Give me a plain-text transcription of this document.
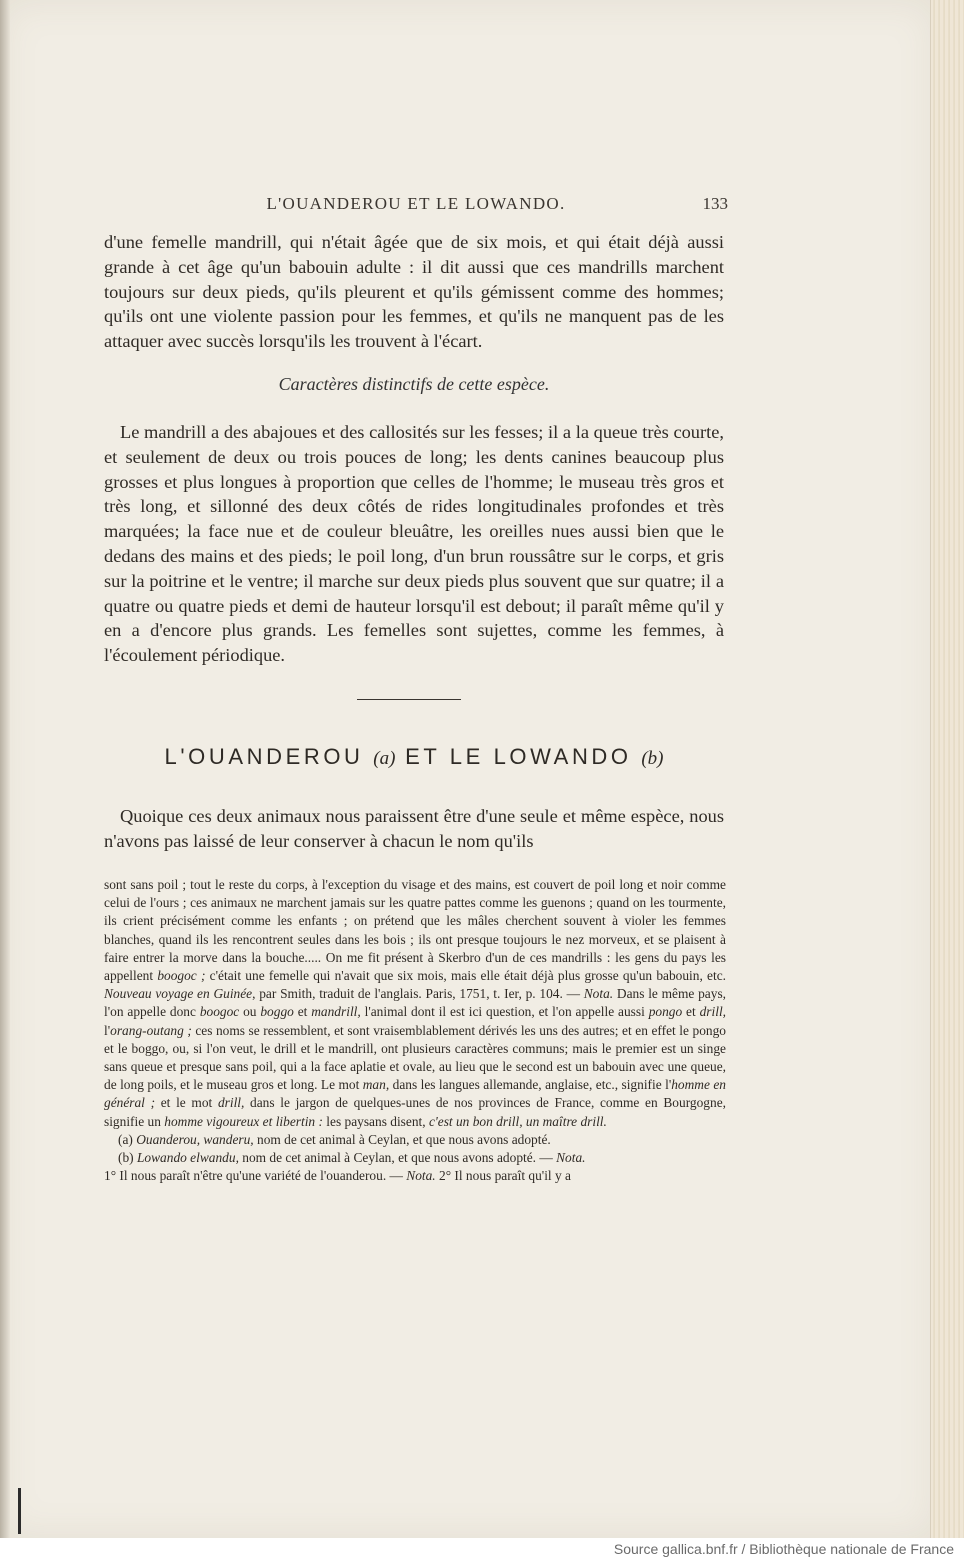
L'OUANDEROU ET LE LOWANDO.	133
d'une femelle mandrill, qui n'était âgée que de six mois, et qui était déjà aussi grande à cet âge qu'un babouin adulte : il dit aussi que ces mandrills marchent toujours sur deux pieds, qu'ils pleurent et qu'ils gémissent comme des hommes; qu'ils ont une violente passion pour les femmes, et qu'ils ne manquent pas de les attaquer avec succès lorsqu'ils les trouvent à l'écart.
Caractères distinctifs de cette espèce.
Le mandrill a des abajoues et des callosités sur les fesses; il a la queue très courte, et seulement de deux ou trois pouces de long; les dents canines beaucoup plus grosses et plus longues à proportion que celles de l'homme; le museau très gros et très long, et sillonné des deux côtés de rides longitudinales profondes et très marquées; la face nue et de couleur bleuâtre, les oreilles nues aussi bien que le dedans des mains et des pieds; le poil long, d'un brun roussâtre sur le corps, et gris sur la poitrine et le ventre; il marche sur deux pieds plus souvent que sur quatre; il a quatre ou quatre pieds et demi de hauteur lorsqu'il est debout; il paraît même qu'il y en a d'encore plus grands. Les femelles sont sujettes, comme les femmes, à l'écoulement périodique.
L'OUANDEROU (a) ET LE LOWANDO (b)
Quoique ces deux animaux nous paraissent être d'une seule et même espèce, nous n'avons pas laissé de leur conserver à chacun le nom qu'ils

sont sans poil ; tout le reste du corps, à l'exception du visage et des mains, est couvert de poil long et noir comme celui de l'ours ; ces animaux ne marchent jamais sur les quatre pattes comme les guenons ; quand on les tourmente, ils crient précisément comme les enfants ; on prétend que les mâles cherchent souvent à violer les femmes blanches, quand ils les rencontrent seules dans les bois ; ils ont presque toujours le nez morveux, et se plaisent à faire entrer la morve dans la bouche..... On me fit présent à Skerbro d'un de ces mandrills : les gens du pays les appellent boogoc ; c'était une femelle qui n'avait que six mois, mais elle était déjà plus grosse qu'un babouin, etc. Nouveau voyage en Guinée, par Smith, traduit de l'anglais. Paris, 1751, t. Ier, p. 104. — Nota. Dans le même pays, l'on appelle donc boogoc ou boggo et mandrill, l'animal dont il est ici question, et l'on appelle aussi pongo et drill, l'orang-outang ; ces noms se ressemblent, et sont vraisemblablement dérivés les uns des autres; et en effet le pongo et le boggo, ou, si l'on veut, le drill et le mandrill, ont plusieurs caractères communs; mais le premier est un singe sans queue et presque sans poil, qui a la face aplatie et ovale, au lieu que le second est un babouin avec une queue, de long poils, et le museau gros et long. Le mot man, dans les langues allemande, anglaise, etc., signifie l'homme en général ; et le mot drill, dans le jargon de quelques-unes de nos provinces de France, comme en Bourgogne, signifie un homme vigoureux et libertin : les paysans disent, c'est un bon drill, un maître drill.

(a) Ouanderou, wanderu, nom de cet animal à Ceylan, et que nous avons adopté.

(b) Lowando elwandu, nom de cet animal à Ceylan, et que nous avons adopté. — Nota.

1° Il nous paraît n'être qu'une variété de l'ouanderou. — Nota. 2° Il nous paraît qu'il y a

Source gallica.bnf.fr / Bibliothèque nationale de France
